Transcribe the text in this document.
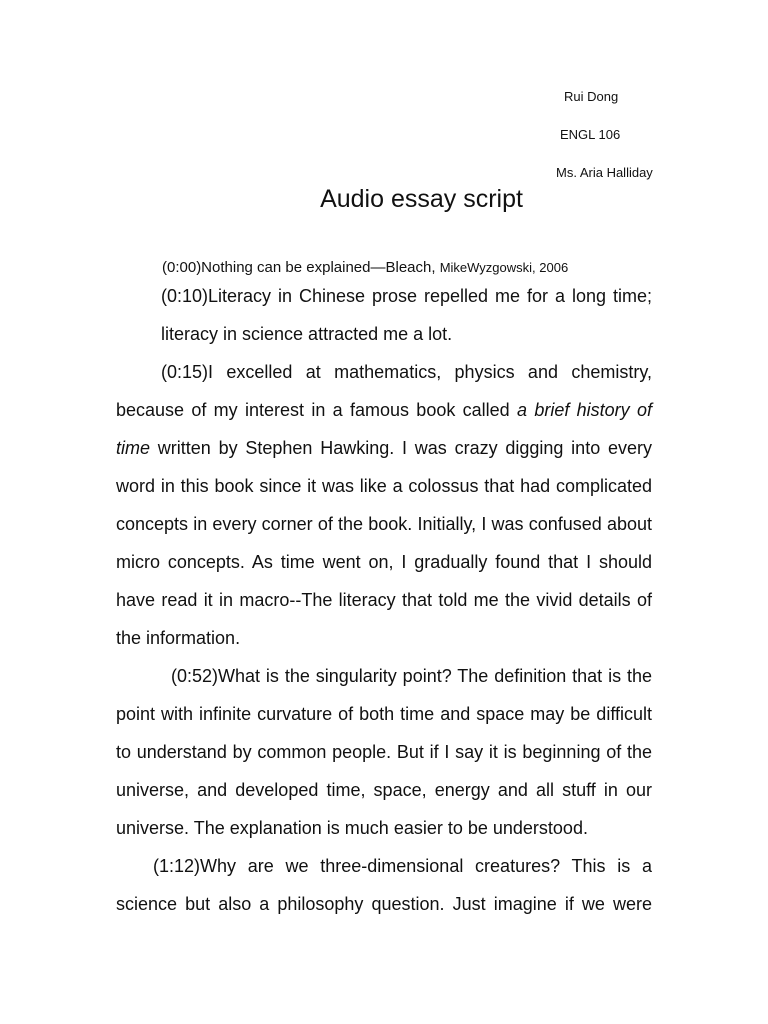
Rui Dong
ENGL 106
Ms. Aria Halliday
Audio essay script
(0:00)Nothing can be explained—Bleach, MikeWyzgowski, 2006
(0:10)Literacy in Chinese prose repelled me for a long time;
literacy in science attracted me a lot.
(0:15)I excelled at mathematics, physics and chemistry,
because of my interest in a famous book called a brief history of
time written by Stephen Hawking. I was crazy digging into every
word in this book since it was like a colossus that had complicated
concepts in every corner of the book. Initially, I was confused about
micro concepts. As time went on, I gradually found that I should
have read it in macro--The literacy that told me the vivid details of
the information.
(0:52)What is the singularity point? The definition that is the
point with infinite curvature of both time and space may be difficult
to understand by common people. But if I say it is beginning of the
universe, and developed time, space, energy and all stuff in our
universe. The explanation is much easier to be understood.
(1:12)Why are we three-dimensional creatures? This is a
science but also a philosophy question. Just imagine if we were
